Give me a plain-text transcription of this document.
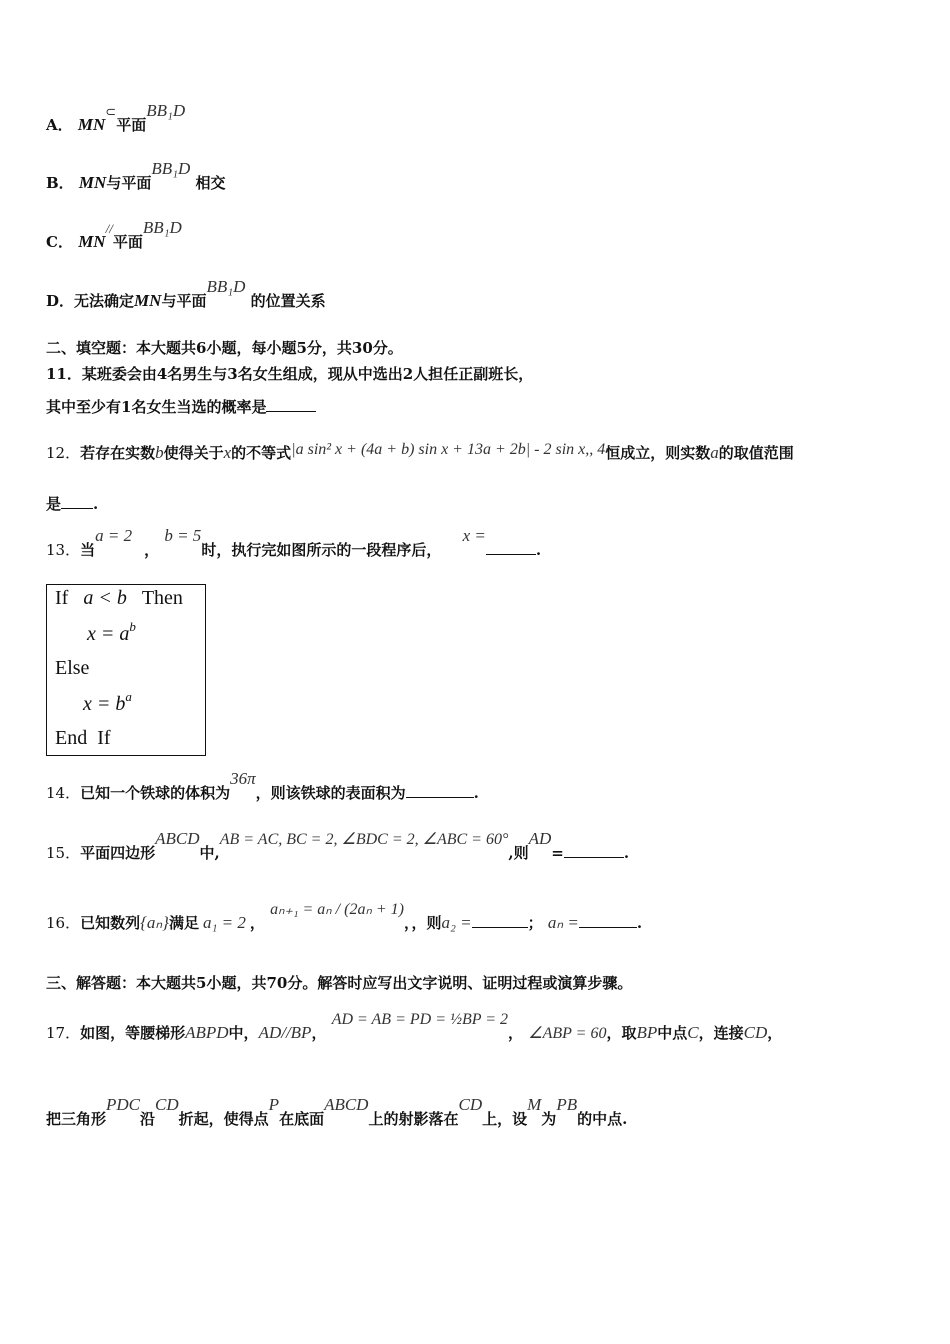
A． MN⊂平面BB₁D
B． MN与平面BB₁D 相交
C． MN//平面BB₁D
D．无法确定MN与平面BB₁D 的位置关系
二、填空题：本大题共6小题，每小题5分，共30分。
11．某班委会由4名男生与3名女生组成，现从中选出2人担任正副班长，
其中至少有1名女生当选的概率是
12．若存在实数b使得关于x的不等式|a sin² x + (4a + b) sin x + 13a + 2b| - 2 sin x,, 4恒成立，则实数a的取值范围
是 .
13．当a = 2， b = 5时，执行完如图所示的一段程序后， x =.
If a < b Then
$x = a^b$
Else
$x = b^a$
End If
14．已知一个铁球的体积为36π，则该铁球的表面积为	.
15．平面四边形ABCD中,AB = AC, BC = 2, ∠BDC = 2, ∠ABC = 60°,则AD=	.
16．已知数列{aₙ}满足 a₁ = 2 ， aₙ₊₁ = aₙ / (2aₙ + 1)，，则a₂ =	； aₙ =	.
三、解答题：本大题共5小题，共70分。解答时应写出文字说明、证明过程或演算步骤。
17．如图，等腰梯形ABPD中，AD//BP， AD = AB = PD = ½BP = 2， ∠ABP = 60，取BP中点C，连接CD，
把三角形PDC沿CD折起，使得点P在底面ABCD上的射影落在CD上，设M为PB的中点.
